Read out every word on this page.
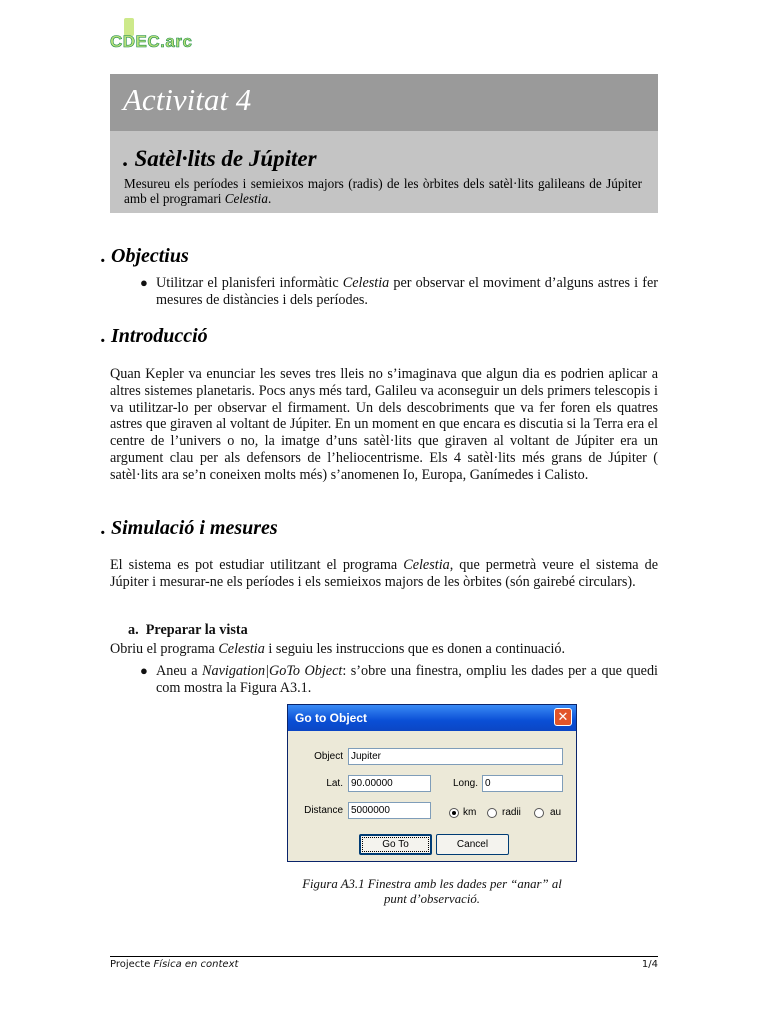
CDEC.arc
Activitat 4
. Satèl·lits de Júpiter
Mesureu els períodes i semieixos majors (radis) de les òrbites dels satèl·lits galileans de Júpiter amb el programari Celestia.
. Objectius
● Utilitzar el planisferi informàtic Celestia per observar el moviment d’alguns astres i fer mesures de distàncies i dels períodes.
. Introducció
Quan Kepler va enunciar les seves tres lleis no s’imaginava que algun dia es podrien aplicar a altres sistemes planetaris. Pocs anys més tard, Galileu va aconseguir un dels primers telescopis i va utilitzar-lo per observar el firmament. Un dels descobriments que va fer foren els quatres astres que giraven al voltant de Júpiter. En un moment en que encara es discutia si la Terra era el centre de l’univers o no, la imatge d’uns satèl·lits que giraven al voltant de Júpiter era un argument clau per als defensors de l’heliocentrisme. Els 4 satèl·lits més grans de Júpiter ( satèl·lits ara se’n coneixen molts més) s’anomenen Io, Europa, Ganímedes i Calisto.
. Simulació i mesures
El sistema es pot estudiar utilitzant el programa Celestia, que permetrà veure el sistema de Júpiter i mesurar-ne els períodes i els semieixos majors de les òrbites (són gairebé circulars).
a. Preparar la vista
Obriu el programa Celestia i seguiu les instruccions que es donen a continuació.
● Aneu a Navigation|GoTo Object: s’obre una finestra, ompliu les dades per a que quedi com mostra la Figura A3.1.
Go to Object	✕
Object Jupiter
Lat. 90.00000	Long. 0
Distance 5000000	km	radii	au
Go To	Cancel
Figura A3.1 Finestra amb les dades per “anar” al
punt d’observació.
Projecte Física en context	1/4
